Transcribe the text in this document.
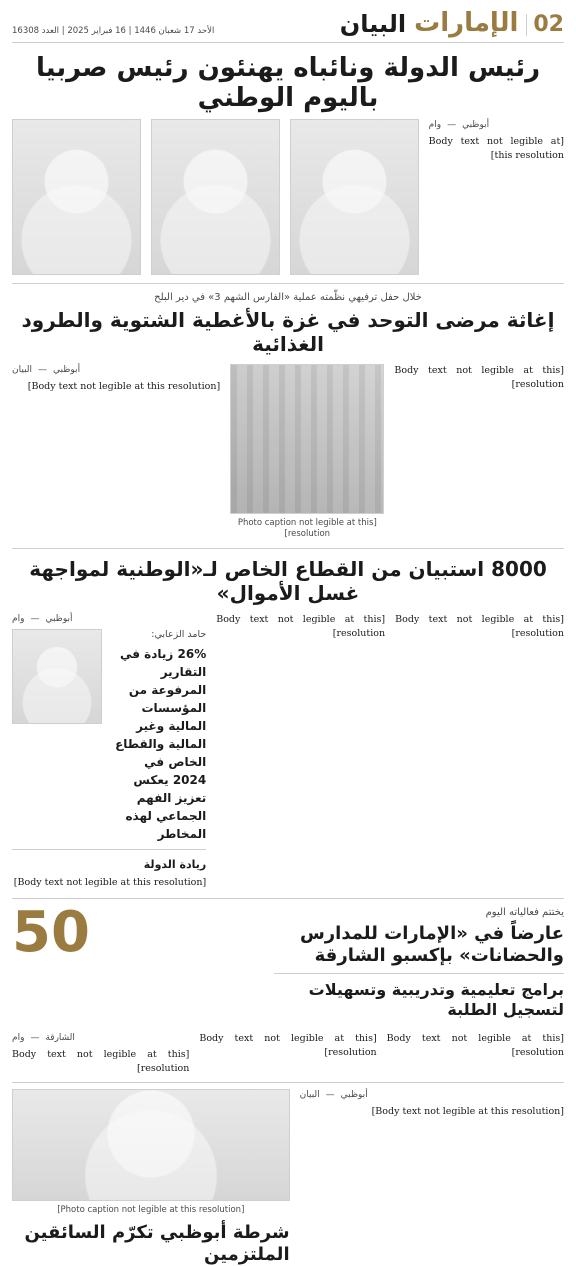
02
الإمارات
البيان
الأحد 17 شعبان 1446 | 16 فبراير 2025 | العدد 16308
رئيس الدولة ونائباه يهنئون رئيس صربيا باليوم الوطني
أبوظبي
—
وام
[Body text not legible at this resolution]
خلال حفل ترفيهي نظّمته عملية «الفارس الشهم 3» في دير البلح
إغاثة مرضى التوحد في غزة بالأغطية الشتوية والطرود الغذائية
[Body text not legible at this resolution]
[Photo caption not legible at this resolution]
أبوظبي
—
البيان
[Body text not legible at this resolution]
8000 استبيان من القطاع الخاص لـ«الوطنية لمواجهة غسل الأموال»
[Body text not legible at this resolution]
[Body text not legible at this resolution]
أبوظبي
—
وام
حامد الزعابي:
26% زيادة في التقارير المرفوعة من المؤسسات المالية وغير المالية والقطاع الخاص في 2024 يعكس تعزيز الفهم الجماعي لهذه المخاطر
ريادة الدولة
[Body text not legible at this resolution]
يختتم فعالياته اليوم
عارضاً في «الإمارات للمدارس والحضانات» بإكسبو الشارقة
برامج تعليمية وتدريبية وتسهيلات لتسجيل الطلبة
50
[Body text not legible at this resolution]
[Body text not legible at this resolution]
الشارقة
—
وام
[Body text not legible at this resolution]
أبوظبي
—
البيان
[Body text not legible at this resolution]
[Photo caption not legible at this resolution]
شرطة أبوظبي تكرّم السائقين الملتزمين
